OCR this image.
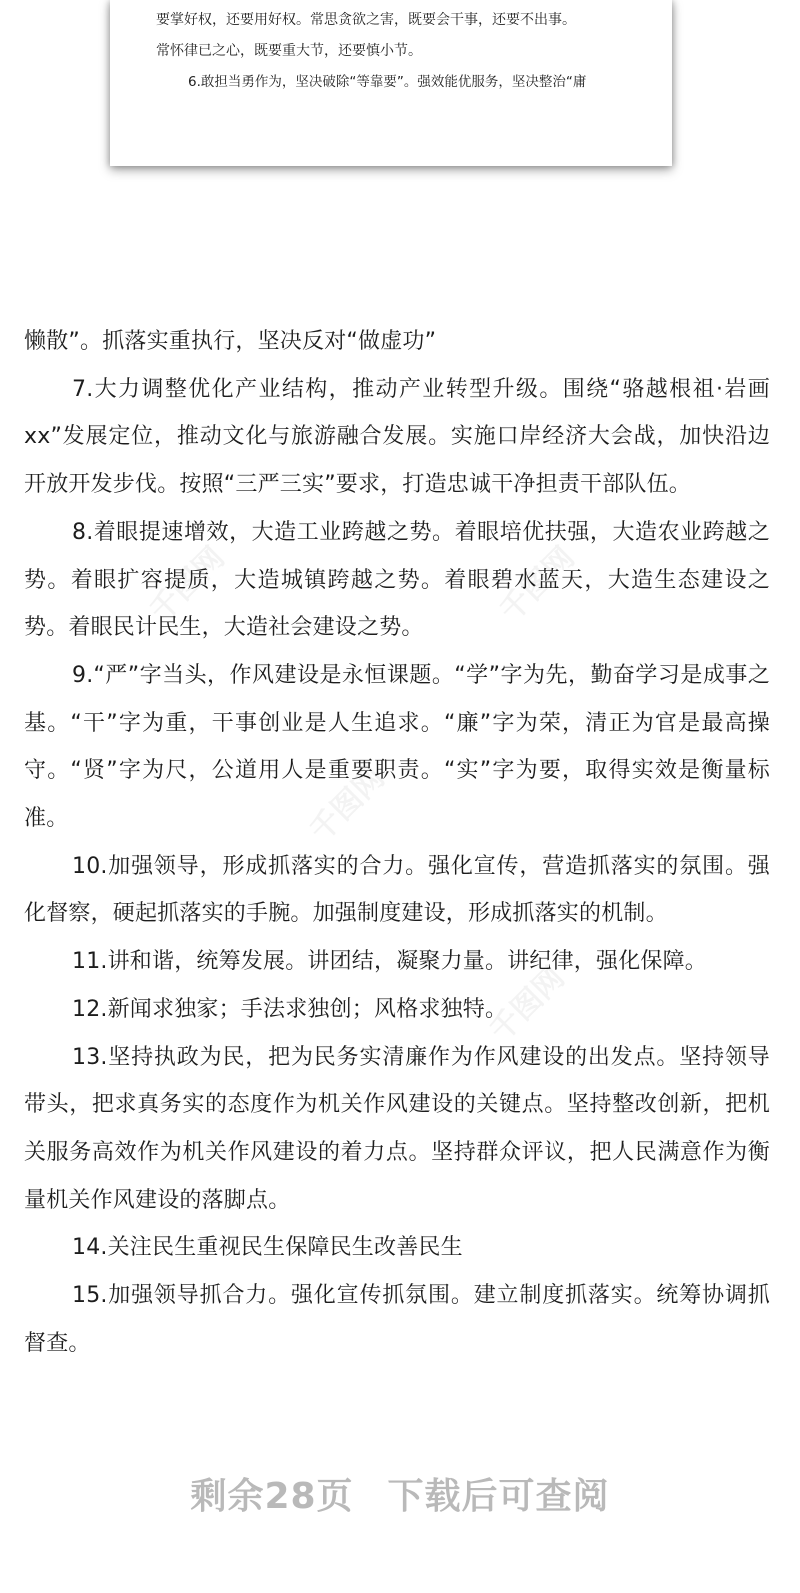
要掌好权，还要用好权。常思贪欲之害，既要会干事，还要不出事。
常怀律已之心，既要重大节，还要慎小节。
6.敢担当勇作为，坚决破除“等靠要”。强效能优服务，坚决整治“庸
千图网	千图网
千图网
千图网

懒散”。抓落实重执行，坚决反对“做虚功”

7.大力调整优化产业结构，推动产业转型升级。围绕“骆越根祖·岩画 xx”发展定位，推动文化与旅游融合发展。实施口岸经济大会战，加快沿边开放开发步伐。按照“三严三实”要求，打造忠诚干净担责干部队伍。

8.着眼提速增效，大造工业跨越之势。着眼培优扶强，大造农业跨越之势。着眼扩容提质，大造城镇跨越之势。着眼碧水蓝天，大造生态建设之势。着眼民计民生，大造社会建设之势。

9.“严”字当头，作风建设是永恒课题。“学”字为先，勤奋学习是成事之基。“干”字为重，干事创业是人生追求。“廉”字为荣，清正为官是最高操守。“贤”字为尺，公道用人是重要职责。“实”字为要，取得实效是衡量标准。

10.加强领导，形成抓落实的合力。强化宣传，营造抓落实的氛围。强化督察，硬起抓落实的手腕。加强制度建设，形成抓落实的机制。

11.讲和谐，统筹发展。讲团结，凝聚力量。讲纪律，强化保障。

12.新闻求独家；手法求独创；风格求独特。

13.坚持执政为民，把为民务实清廉作为作风建设的出发点。坚持领导带头，把求真务实的态度作为机关作风建设的关键点。坚持整改创新，把机关服务高效作为机关作风建设的着力点。坚持群众评议，把人民满意作为衡量机关作风建设的落脚点。

14.关注民生重视民生保障民生改善民生

15.加强领导抓合力。强化宣传抓氛围。建立制度抓落实。统筹协调抓督查。

剩余28页 下载后可查阅
